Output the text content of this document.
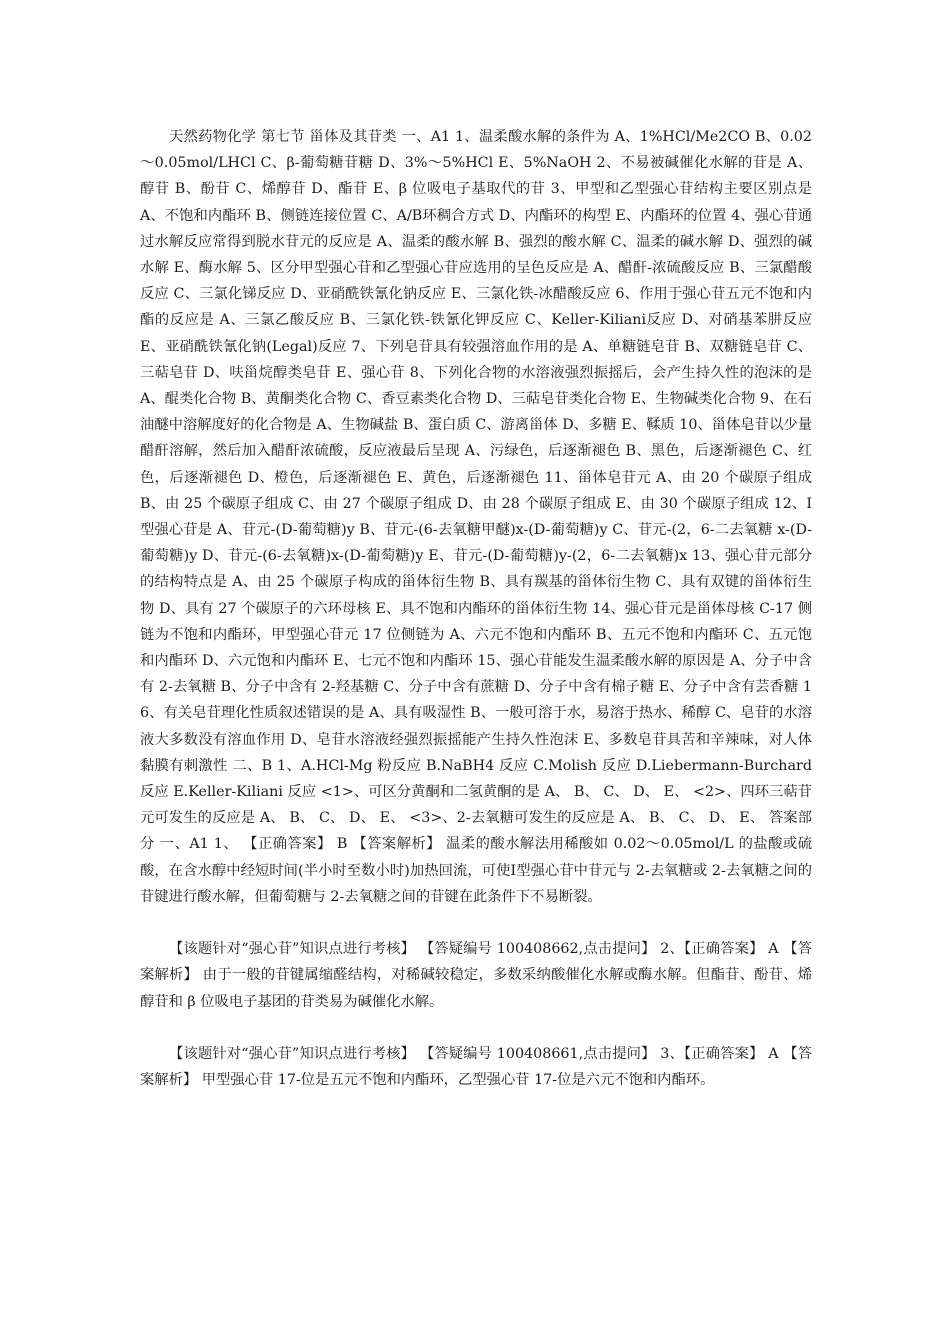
天然药物化学 第七节 甾体及其苷类 一、A1 1、温柔酸水解的条件为 A、1%HCl/Me2CO B、0.02～0.05mol/LHCl C、β-葡萄糖苷糖 D、3%～5%HCl E、5%NaOH 2、不易被碱催化水解的苷是 A、醇苷 B、酚苷 C、烯醇苷 D、酯苷 E、β 位吸电子基取代的苷 3、甲型和乙型强心苷结构主要区别点是 A、不饱和内酯环 B、侧链连接位置 C、A/B环稠合方式 D、内酯环的构型 E、内酯环的位置 4、强心苷通过水解反应常得到脱水苷元的反应是 A、温柔的酸水解 B、强烈的酸水解 C、温柔的碱水解 D、强烈的碱水解 E、酶水解 5、区分甲型强心苷和乙型强心苷应选用的呈色反应是 A、醋酐-浓硫酸反应 B、三氯醋酸反应 C、三氯化锑反应 D、亚硝酰铁氰化钠反应 E、三氯化铁-冰醋酸反应 6、作用于强心苷五元不饱和内酯的反应是 A、三氯乙酸反应 B、三氯化铁-铁氰化钾反应 C、Keller-Kiliani反应 D、对硝基苯肼反应 E、亚硝酰铁氰化钠(Legal)反应 7、下列皂苷具有较强溶血作用的是 A、单糖链皂苷 B、双糖链皂苷 C、三萜皂苷 D、呋甾烷醇类皂苷 E、强心苷 8、下列化合物的水溶液强烈振摇后，会产生持久性的泡沫的是 A、醌类化合物 B、黄酮类化合物 C、香豆素类化合物 D、三萜皂苷类化合物 E、生物碱类化合物 9、在石油醚中溶解度好的化合物是 A、生物碱盐 B、蛋白质 C、游离甾体 D、多糖 E、鞣质 10、甾体皂苷以少量醋酐溶解，然后加入醋酐浓硫酸，反应液最后呈现 A、污绿色，后逐渐褪色 B、黑色，后逐渐褪色 C、红色，后逐渐褪色 D、橙色，后逐渐褪色 E、黄色，后逐渐褪色 11、甾体皂苷元 A、由 20 个碳原子组成 B、由 25 个碳原子组成 C、由 27 个碳原子组成 D、由 28 个碳原子组成 E、由 30 个碳原子组成 12、Ⅰ型强心苷是 A、苷元-(D-葡萄糖)y B、苷元-(6-去氧糖甲醚)x-(D-葡萄糖)y C、苷元-(2，6-二去氧糖 x-(D-葡萄糖)y D、苷元-(6-去氧糖)x-(D-葡萄糖)y E、苷元-(D-葡萄糖)y-(2，6-二去氧糖)x 13、强心苷元部分的结构特点是 A、由 25 个碳原子构成的甾体衍生物 B、具有羰基的甾体衍生物 C、具有双键的甾体衍生物 D、具有 27 个碳原子的六环母核 E、具不饱和内酯环的甾体衍生物 14、强心苷元是甾体母核 C-17 侧链为不饱和内酯环，甲型强心苷元 17 位侧链为 A、六元不饱和内酯环 B、五元不饱和内酯环 C、五元饱和内酯环 D、六元饱和内酯环 E、七元不饱和内酯环 15、强心苷能发生温柔酸水解的原因是 A、分子中含有 2-去氧糖 B、分子中含有 2-羟基糖 C、分子中含有蔗糖 D、分子中含有棉子糖 E、分子中含有芸香糖 16、有关皂苷理化性质叙述错误的是 A、具有吸湿性 B、一般可溶于水，易溶于热水、稀醇 C、皂苷的水溶液大多数没有溶血作用 D、皂苷水溶液经强烈振摇能产生持久性泡沫 E、多数皂苷具苦和辛辣味，对人体黏膜有刺激性 二、B 1、A.HCl-Mg 粉反应 B.NaBH4 反应 C.Molish 反应 D.Liebermann-Burchard 反应 E.Keller-Kiliani 反应 <1>、可区分黄酮和二氢黄酮的是 A、 B、 C、 D、 E、 <2>、四环三萜苷元可发生的反应是 A、 B、 C、 D、 E、 <3>、2-去氧糖可发生的反应是 A、 B、 C、 D、 E、 答案部分 一、A1 1、 【正确答案】 B 【答案解析】 温柔的酸水解法用稀酸如 0.02～0.05mol/L 的盐酸或硫酸，在含水醇中经短时间(半小时至数小时)加热回流，可使Ⅰ型强心苷中苷元与 2-去氧糖或 2-去氧糖之间的苷键进行酸水解，但葡萄糖与 2-去氧糖之间的苷键在此条件下不易断裂。

【该题针对“强心苷”知识点进行考核】 【答疑编号 100408662,点击提问】 2、【正确答案】 A 【答案解析】 由于一般的苷键属缩醛结构，对稀碱较稳定，多数采纳酸催化水解或酶水解。但酯苷、酚苷、烯醇苷和 β 位吸电子基团的苷类易为碱催化水解。

【该题针对“强心苷”知识点进行考核】 【答疑编号 100408661,点击提问】 3、【正确答案】 A 【答案解析】 甲型强心苷 17-位是五元不饱和内酯环，乙型强心苷 17-位是六元不饱和内酯环。
